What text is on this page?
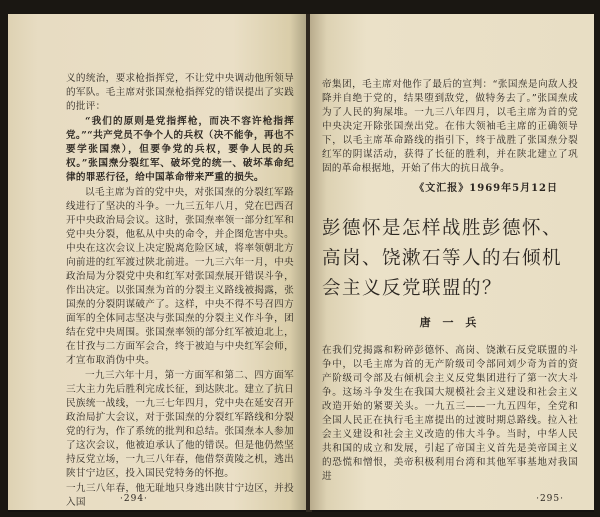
义的统治，要求枪指挥党，不让党中央调动他所领导的军队。毛主席对张国焘枪指挥党的错误提出了实践的批评：

“我们的原则是党指挥枪，而决不容许枪指挥党。”“共产党员不争个人的兵权（决不能争，再也不要学张国焘），但要争党的兵权，要争人民的兵权。”张国焘分裂红军、破坏党的统一、破坏革命纪律的罪恶行径，给中国革命带来严重的损失。

以毛主席为首的党中央，对张国焘的分裂红军路线进行了坚决的斗争。一九三五年八月，党在巴西召开中央政治局会议。这时，张国焘率领一部分红军和党中央分裂，他私从中央的命令，并企图危害中央。中央在这次会议上决定脱离危险区域，将率领朝北方向前进的红军渡过陕北前进。一九三六年一月，中央政治局为分裂党中央和红军对张国焘展开错误斗争，作出决定。以张国焘为首的分裂主义路线被揭露，张国焘的分裂阴谋破产了。这样，中央不得不号召四方面军的全体同志坚决与张国焘的分裂主义作斗争，团结在党中央周围。张国焘率领的部分红军被迫北上，在甘孜与二方面军会合，终于被迫与中央红军会师，才宣布取消伪中央。

一九三六年十月，第一方面军和第二、四方面军三大主力先后胜利完成长征，到达陕北。建立了抗日民族统一战线，一九三七年四月，党中央在延安召开政治局扩大会议，对于张国焘的分裂红军路线和分裂党的行为，作了系统的批判和总结。张国焘本人参加了这次会议，他被迫承认了他的错误。但是他仍然坚持反党立场，一九三八年春，他借祭黄陵之机，逃出陕甘宁边区，投入国民党特务的怀抱。

一九三八年春，他无耻地只身逃出陕甘宁边区，并投入国	·294·

帝集团，毛主席对他作了最后的宣判：“张国焘是向敌人投降并自绝于党的，结果堕到敌党，做特务去了。”张国焘成为了人民的狗屎堆。一九三八年四月，以毛主席为首的党中央决定开除张国焘出党。在伟大领袖毛主席的正确领导下，以毛主席革命路线的指引下，终于战胜了张国焘分裂红军的阴谋活动，获得了长征的胜利，并在陕北建立了巩固的革命根据地，开始了伟大的抗日战争。

《文汇报》1969年5月12日
彭德怀是怎样战胜彭德怀、高岗、饶漱石等人的右倾机会主义反党联盟的？
唐 一 兵

在我们党揭露和粉碎彭德怀、高岗、饶漱石反党联盟的斗争中，以毛主席为首的无产阶级司令部同刘少奇为首的资产阶级司令部及右倾机会主义反党集团进行了第一次大斗争。这场斗争发生在我国大规模社会主义建设和社会主义改造开始的紧要关头。一九五三——一九五四年，全党和全国人民正在执行毛主席提出的过渡时期总路线。拉入社会主义建设和社会主义改造的伟大斗争。当时，中华人民共和国的成立和发展，引起了帝国主义首先是美帝国主义的恐慌和憎恨，美帝积极利用台湾和其他军事基地对我国进

·295·
